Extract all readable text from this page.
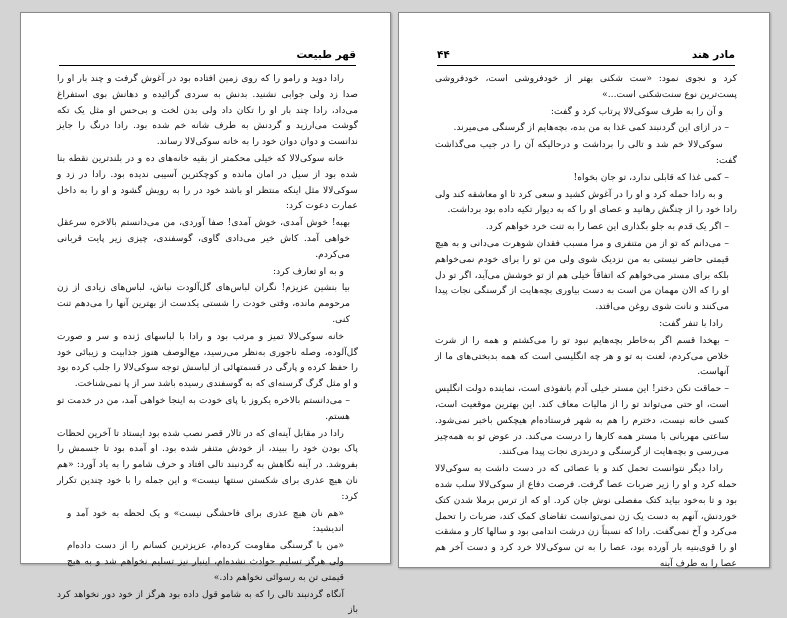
قهر طبیعت

رادا دوید و رامو را که روی زمین افتاده بود در آغوش گرفت و چند بار او را صدا زد ولی جوابی نشنید. بدنش به سردی گرائیده و دهانش بوی استفراغ می‌داد، رادا چند بار او را تکان داد ولی بدن لخت و بی‌حس او مثل یک تکه گوشت می‌ارزید و گردنش به طرف شانه خم شده بود. رادا درنگ را جایز ندانست و دوان دوان خود را به خانه سوکی‌لالا رساند.

خانه سوکی‌لالا که خیلی محکمتر از بقیه خانه‌های ده و در بلندترین نقطه بنا شده بود از سیل در امان مانده و کوچکترین آسیبی ندیده بود. رادا در زد و سوکی‌لالا مثل اینکه منتظر او باشد خود در را به رویش گشود و او را به داخل عمارت دعوت کرد:

بهبه! خوش آمدی، خوش آمدی! صفا آوردی، من می‌دانستم بالاخره سرعقل خواهی آمد. کاش خیر می‌دادی گاوی، گوسفندی، چیزی زیر پایت قربانی می‌کردم.

و به او تعارف کرد:

بیا بنشین عزیزم! نگران لباس‌های گل‌آلودت نباش، لباس‌های زیادی از زن مرحومم مانده، وقتی خودت را شستی یکدست از بهترین آنها را می‌دهم تنت کنی.

خانه سوکی‌لالا تمیز و مرتب بود و رادا با لباسهای ژنده و سر و صورت گل‌آلوده، وصله ناجوری به‌نظر می‌رسید، مع‌الوصف هنوز جذابیت و زیبائی خود را حفظ کرده و پارگی در قسمتهائی از لباسش توجه سوکی‌لالا را جلب کرده بود و او مثل گرگ گرسنه‌ای که به گوسفندی رسیده باشد سر از پا نمی‌شناخت.

– می‌دانستم بالاخره یکروز با پای خودت به اینجا خواهی آمد، من در خدمت تو هستم.

رادا در مقابل آینه‌ای که در تالار قصر نصب شده بود ایستاد تا آخرین لحظات پاک بودن خود را ببیند، از خودش متنفر شده بود. او آمده بود تا جسمش را بفروشد. در آینه نگاهش به گردنبند تالی افتاد و حرف شامو را به یاد آورد: «هم نان هیچ عذری برای شکستن سنتها نیست» و این جمله را با خود چندین تکرار کرد:

«هم نان هیچ عذری برای فاحشگی نیست» و یک لحظه به خود آمد و اندیشید:

«من با گرسنگی مقاومت کرده‌ام، عزیزترین کسانم را از دست داده‌ام ولی هرگز تسلیم حوادث نشده‌ام، اینبار نیز تسلیم نخواهم شد و به هیچ قیمتی تن به رسوائی نخواهم داد.»

آنگاه گردنبند تالی را که به شامو قول داده بود هرگز از خود دور نخواهد کرد باز

مادر هند
۴۴

کرد و نجوی نمود: «ست شکنی بهتر از خودفروشی است، خودفروشی پست‌ترین نوع سنت‌شکنی است...»

و آن را به طرف سوکی‌لالا پرتاب کرد و گفت:

– در ازای این گردنبند کمی غذا به من بده، بچه‌هایم از گرسنگی می‌میرند.

سوکی‌لالا خم شد و تالی را برداشت و درحالیکه آن را در جیب می‌گذاشت گفت:

– کمی غذا که قابلی ندارد، تو جان بخواه!

و به رادا حمله کرد و او را در آغوش کشید و سعی کرد تا او معاشقه کند ولی رادا خود را از چنگش رهانید و عصای او را که به دیوار تکیه داده بود برداشت.

– اگر یک قدم به جلو بگذاری این عصا را به تنت خرد خواهم کرد.

– می‌دانم که تو از من متنفری و مرا مسبب فقدان شوهرت می‌دانی و به هیچ قیمتی حاضر نیستی به من نزدیک شوی ولی من تو را برای خودم نمی‌خواهم بلکه برای مستر می‌خواهم که اتفاقاً خیلی هم از تو خوشش می‌آید، اگر تو دل او را که الان مهمان من است به دست بیاوری بچه‌هایت از گرسنگی نجات پیدا می‌کنند و نانت شوی روغن می‌افتد.

رادا با تنفر گفت:

– بهخدا قسم اگر به‌خاطر بچه‌هایم نبود تو را می‌کشتم و همه را از شرت خلاص می‌کردم، لعنت به تو و هر چه انگلیسی است که همه بدبختی‌های ما از آنهاست.

– حماقت نکن دختر! این مستر خیلی آدم بانفوذی است، نماینده دولت انگلیس است، او حتی می‌تواند تو را از مالیات معاف کند. این بهترین موقعیت است، کسی خانه نیست، دخترم را هم به شهر فرستاده‌ام هیچکس باخبر نمی‌شود. ساعتی مهربانی با مستر همه کارها را درست می‌کند. در عوض تو به همه‌چیز می‌رسی و بچه‌هایت از گرسنگی و دربدری نجات پیدا می‌کنند.

رادا دیگر نتوانست تحمل کند و با عصائی که در دست داشت به سوکی‌لالا حمله کرد و او را زیر ضربات عصا گرفت. فرصت دفاع از سوکی‌لالا سلب شده بود و تا به‌خود بیاید کتک مفصلی نوش جان کرد. او که از ترس برملا شدن کتک خوردنش، آنهم به دست یک زن نمی‌توانست تقاضای کمک کند، ضربات را تحمل می‌کرد و آخ نمی‌گفت. رادا که نسبتاً زن درشت اندامی بود و سالها کار و مشقت او را قوی‌بنیه بار آورده بود، عصا را به تن سوکی‌لالا خرد کرد و دست آخر هم عصا را به طرف آینه
